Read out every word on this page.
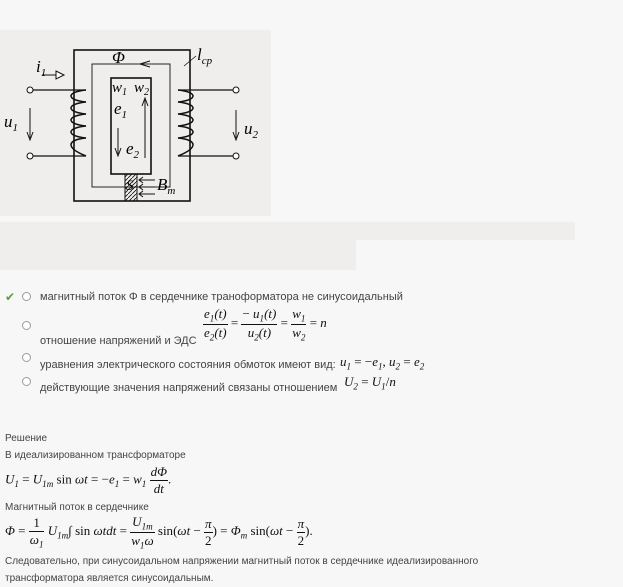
$i_1$
Φ	$l_{cp}$
$u_1$	$u_2$
$w_1$ $w_2$
$e_1$
$e_2$
S $B_m$
✔ магнитный поток Φ в сердечнике траноформатора не синусоидальный
отношение напряжений и ЭДС $\frac{e_1(t)}{e_2(t)} = \frac{- u_1(t)}{u_2(t)} = \frac{w_1}{w_2} = n$
уравнения электрического состояния обмоток имеют вид: $u_1 = -e_1$, $u_2 = e_2$
действующие значения напряжений связаны отношением $U_2 = U_1/n$
Решение
В идеализированном трансформаторе
$U_1 = U_{1m}$ $\sin \omega t = -e_1 = w_1 \frac{d\Phi}{dt}$ .
Магнитный поток в сердечнике
$\Phi = \frac{1}{\omega_1} U_{1m}\int$ $\sin \omega tdt = \frac{U_{1m}}{w_1\omega} \sin(\omega t - \frac{\pi}{2}$ ) = $\Phi_m$ $\sin(\omega t - \frac{\pi}{2}$ ).
Следовательно, при синусоидальном напряжении магнитный поток в сердечнике идеализированного
трансформатора является синусоидальным.
